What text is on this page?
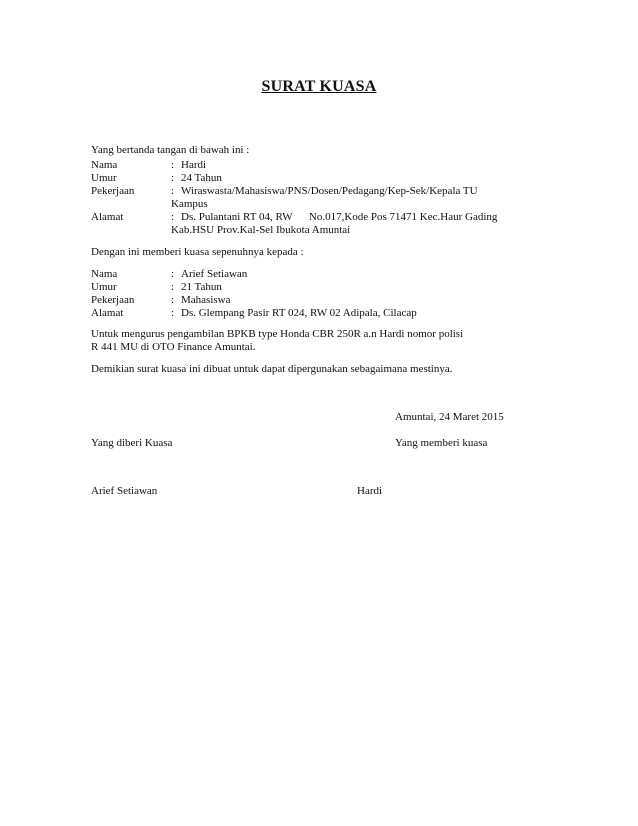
SURAT KUASA
Yang bertanda tangan di bawah ini :
Nama	: Hardi
Umur	: 24 Tahun
Pekerjaan	: Wiraswasta/Mahasiswa/PNS/Dosen/Pedagang/Kep-Sek/Kepala TU
Kampus
Alamat	: Ds. Pulantani RT 04, RW      No.017,Kode Pos 71471 Kec.Haur Gading
Kab.HSU Prov.Kal-Sel Ibukota Amuntai
Dengan ini memberi kuasa sepenuhnya kepada :
Nama	: Arief Setiawan
Umur	: 21 Tahun
Pekerjaan	: Mahasiswa
Alamat	: Ds. Glempang Pasir RT 024, RW 02 Adipala, Cilacap
Untuk mengurus pengambilan BPKB type Honda CBR 250R a.n Hardi nomor polisi
R 441 MU di OTO Finance Amuntai.
Demikian surat kuasa ini dibuat untuk dapat dipergunakan sebagaimana mestinya.
Amuntai, 24 Maret 2015
Yang diberi Kuasa	Yang memberi kuasa
Arief Setiawan	Hardi
